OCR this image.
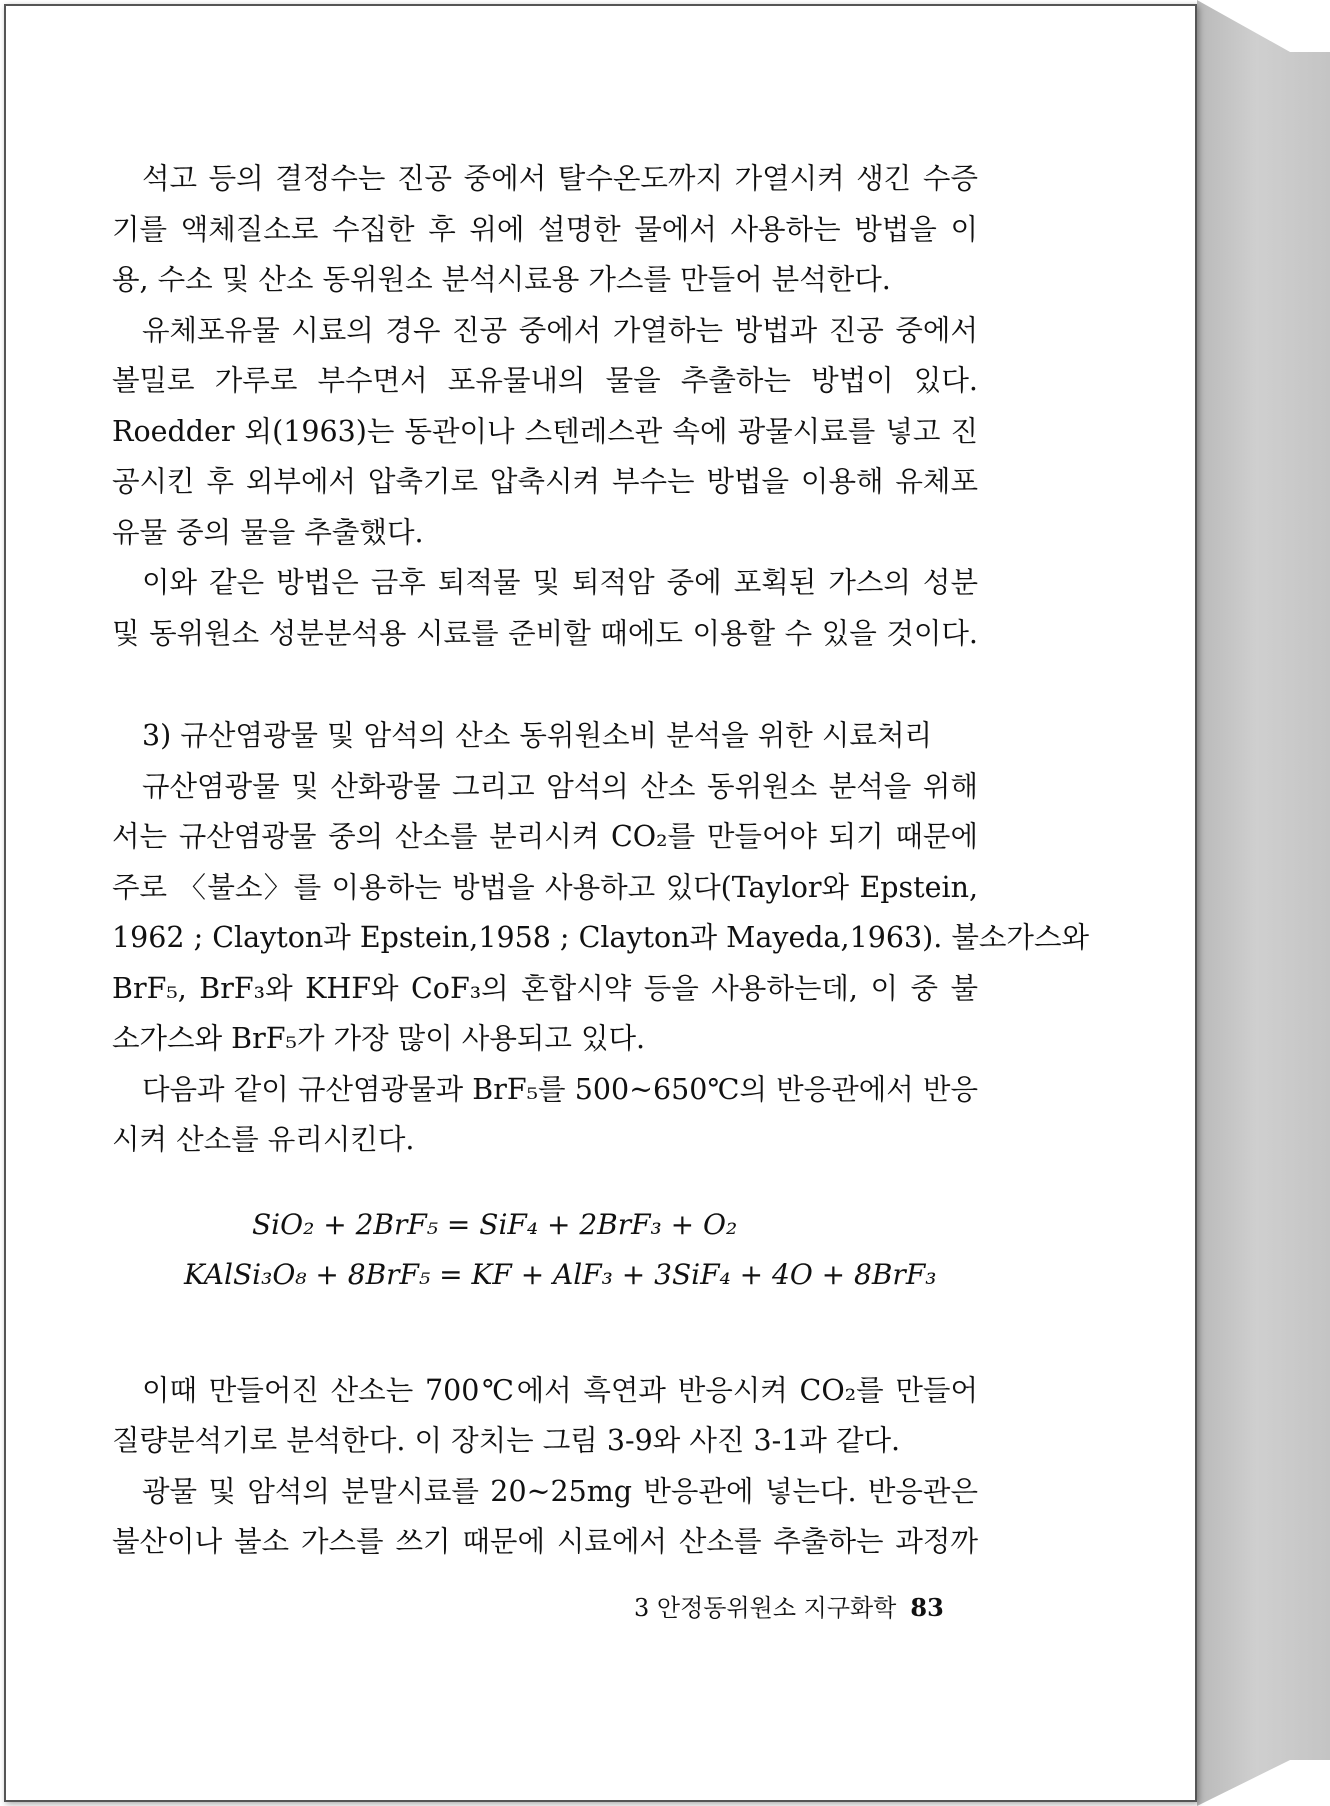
석고 등의 결정수는 진공 중에서 탈수온도까지 가열시켜 생긴 수증
기를 액체질소로 수집한 후 위에 설명한 물에서 사용하는 방법을 이
용, 수소 및 산소 동위원소 분석시료용 가스를 만들어 분석한다.
유체포유물 시료의 경우 진공 중에서 가열하는 방법과 진공 중에서
볼밀로 가루로 부수면서 포유물내의 물을 추출하는 방법이 있다.
Roedder 외(1963)는 동관이나 스텐레스관 속에 광물시료를 넣고 진
공시킨 후 외부에서 압축기로 압축시켜 부수는 방법을 이용해 유체포
유물 중의 물을 추출했다.
이와 같은 방법은 금후 퇴적물 및 퇴적암 중에 포획된 가스의 성분
및 동위원소 성분분석용 시료를 준비할 때에도 이용할 수 있을 것이다.
3) 규산염광물 및 암석의 산소 동위원소비 분석을 위한 시료처리
규산염광물 및 산화광물 그리고 암석의 산소 동위원소 분석을 위해
서는 규산염광물 중의 산소를 분리시켜 CO₂를 만들어야 되기 때문에
주로 〈불소〉를 이용하는 방법을 사용하고 있다(Taylor와 Epstein,
1962 ; Clayton과 Epstein,1958 ; Clayton과 Mayeda,1963). 불소가스와
BrF₅, BrF₃와 KHF와 CoF₃의 혼합시약 등을 사용하는데, 이 중 불
소가스와 BrF₅가 가장 많이 사용되고 있다.
다음과 같이 규산염광물과 BrF₅를 500~650℃의 반응관에서 반응
시켜 산소를 유리시킨다.
SiO₂ + 2BrF₅ = SiF₄ + 2BrF₃ + O₂
KAlSi₃O₈ + 8BrF₅ = KF + AlF₃ + 3SiF₄ + 4O + 8BrF₃
이때 만들어진 산소는 700℃에서 흑연과 반응시켜 CO₂를 만들어
질량분석기로 분석한다. 이 장치는 그림 3-9와 사진 3-1과 같다.
광물 및 암석의 분말시료를 20~25mg 반응관에 넣는다. 반응관은
불산이나 불소 가스를 쓰기 때문에 시료에서 산소를 추출하는 과정까
3 안정동위원소 지구화학 83
